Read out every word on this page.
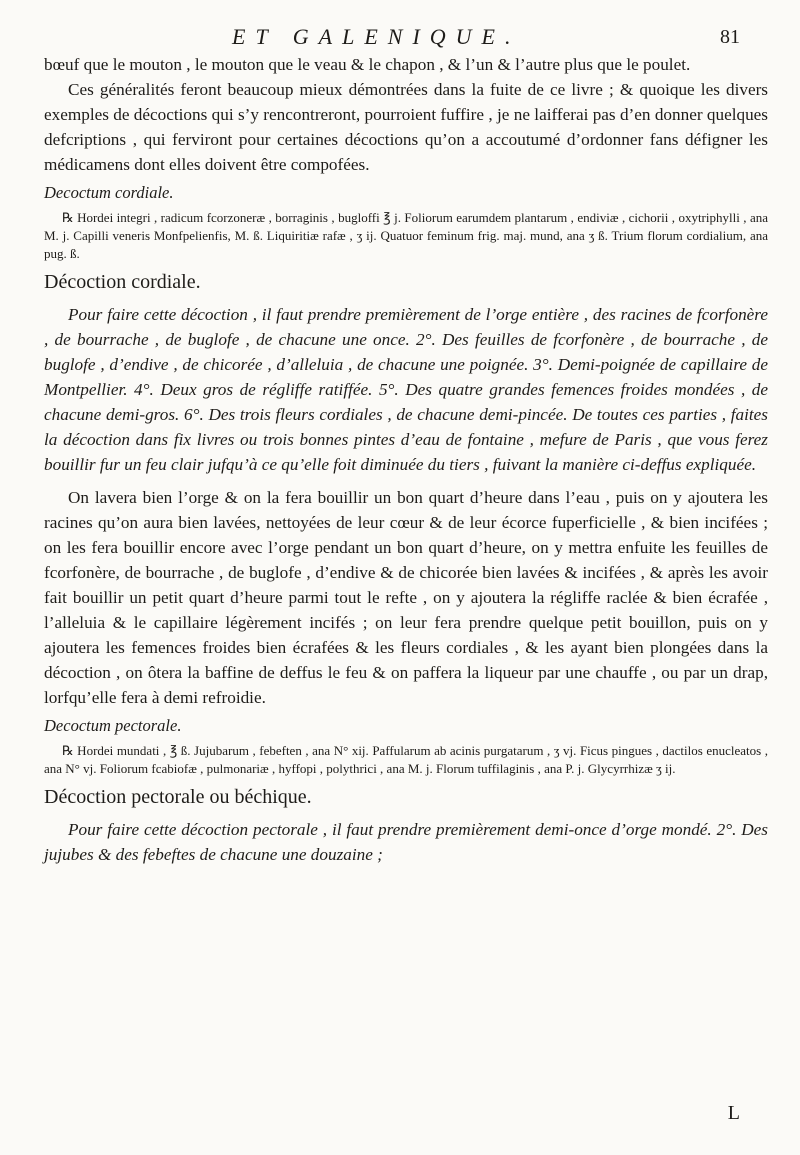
ET GALENIQUE.	81

bœuf que le mouton , le mouton que le veau & le chapon , & l’un & l’autre plus que le poulet.

Ces généralités feront beaucoup mieux démontrées dans la fuite de ce livre ; & quoique les divers exemples de décoctions qui s’y rencontreront, pourroient fuffire , je ne laifferai pas d’en donner quelques defcriptions , qui ferviront pour certaines décoctions qu’on a accoutumé d’ordonner fans défigner les médicamens dont elles doivent être compofées.

Decoctum cordiale.

℞ Hordei integri , radicum fcorzoneræ , borraginis , bugloffi ℥ j. Foliorum earumdem plantarum , endiviæ , cichorii , oxytriphylli , ana M. j. Capilli veneris Monfpelienfis, M. ß. Liquiritiæ rafæ , ʒ ij. Quatuor feminum frig. maj. mund, ana ʒ ß. Trium florum cordialium, ana pug. ß.

Décoction cordiale.

Pour faire cette décoction , il faut prendre premièrement de l’orge entière , des racines de fcorfonère , de bourrache , de buglofe , de chacune une once. 2°. Des feuilles de fcorfonère , de bourrache , de buglofe , d’endive , de chicorée , d’alleluia , de chacune une poignée. 3°. Demi-poignée de capillaire de Montpellier. 4°. Deux gros de régliffe ratiffée. 5°. Des quatre grandes femences froides mondées , de chacune demi-gros. 6°. Des trois fleurs cordiales , de chacune demi-pincée. De toutes ces parties , faites la décoction dans fix livres ou trois bonnes pintes d’eau de fontaine , mefure de Paris , que vous ferez bouillir fur un feu clair jufqu’à ce qu’elle foit diminuée du tiers , fuivant la manière ci-deffus expliquée.

On lavera bien l’orge & on la fera bouillir un bon quart d’heure dans l’eau , puis on y ajoutera les racines qu’on aura bien lavées, nettoyées de leur cœur & de leur écorce fuperficielle , & bien incifées ; on les fera bouillir encore avec l’orge pendant un bon quart d’heure, on y mettra enfuite les feuilles de fcorfonère, de bourrache , de buglofe , d’endive & de chicorée bien lavées & incifées , & après les avoir fait bouillir un petit quart d’heure parmi tout le refte , on y ajoutera la régliffe raclée & bien écrafée , l’alleluia & le capillaire légèrement incifés ; on leur fera prendre quelque petit bouillon, puis on y ajoutera les femences froides bien écrafées & les fleurs cordiales , & les ayant bien plongées dans la décoction , on ôtera la baffine de deffus le feu & on paffera la liqueur par une chauffe , ou par un drap, lorfqu’elle fera à demi refroidie.

Decoctum pectorale.

℞ Hordei mundati , ℥ ß. Jujubarum , febeften , ana N° xij. Paffularum ab acinis purgatarum , ʒ vj. Ficus pingues , dactilos enucleatos , ana N° vj. Foliorum fcabiofæ , pulmonariæ , hyffopi , polythrici , ana M. j. Florum tuffilaginis , ana P. j. Glycyrrhizæ ʒ ij.

Décoction pectorale ou béchique.

Pour faire cette décoction pectorale , il faut prendre premièrement demi-once d’orge mondé. 2°. Des jujubes & des febeftes de chacune une douzaine ;

L
